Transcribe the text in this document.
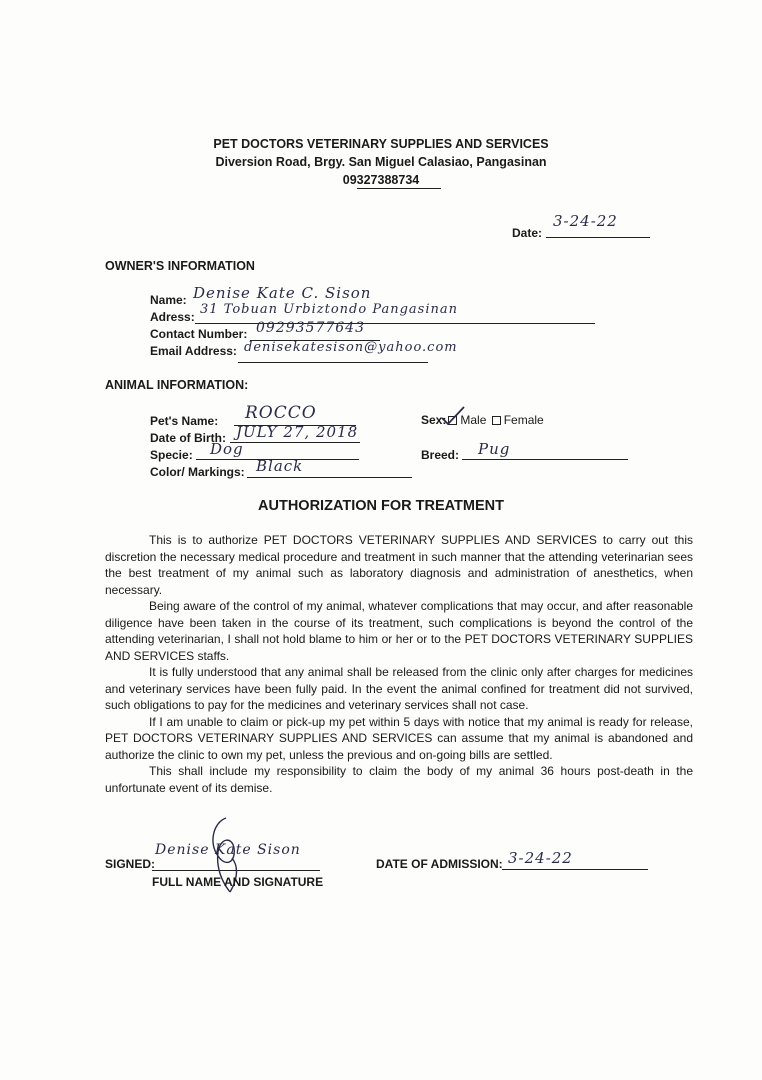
PET DOCTORS VETERINARY SUPPLIES AND SERVICES
Diversion Road, Brgy. San Miguel Calasiao, Pangasinan
09327388734
Date:
3-24-22
OWNER'S INFORMATION
Name: Denise Kate C. Sison
Adress: 31 Tobuan Urbiztondo Pangasinan
Contact Number: 09293577643
Email Address: denisekatesison@yahoo.com
ANIMAL INFORMATION:
Pet's Name: ROCCO
Date of Birth: JULY 27, 2018
Specie: Dog
Color/ Markings: Black
Sex: Male Female
Breed: Pug
AUTHORIZATION FOR TREATMENT

This is to authorize PET DOCTORS VETERINARY SUPPLIES AND SERVICES to carry out this discretion the necessary medical procedure and treatment in such manner that the attending veterinarian sees the best treatment of my animal such as laboratory diagnosis and administration of anesthetics, when necessary.

Being aware of the control of my animal, whatever complications that may occur, and after reasonable diligence have been taken in the course of its treatment, such complications is beyond the control of the attending veterinarian, I shall not hold blame to him or her or to the PET DOCTORS VETERINARY SUPPLIES AND SERVICES staffs.

It is fully understood that any animal shall be released from the clinic only after charges for medicines and veterinary services have been fully paid. In the event the animal confined for treatment did not survived, such obligations to pay for the medicines and veterinary services shall not case.

If I am unable to claim or pick-up my pet within 5 days with notice that my animal is ready for release, PET DOCTORS VETERINARY SUPPLIES AND SERVICES can assume that my animal is abandoned and authorize the clinic to own my pet, unless the previous and on-going bills are settled.

This shall include my responsibility to claim the body of my animal 36 hours post-death in the unfortunate event of its demise.

SIGNED:
Denise Kate Sison
FULL NAME AND SIGNATURE
DATE OF ADMISSION: 3-24-22
